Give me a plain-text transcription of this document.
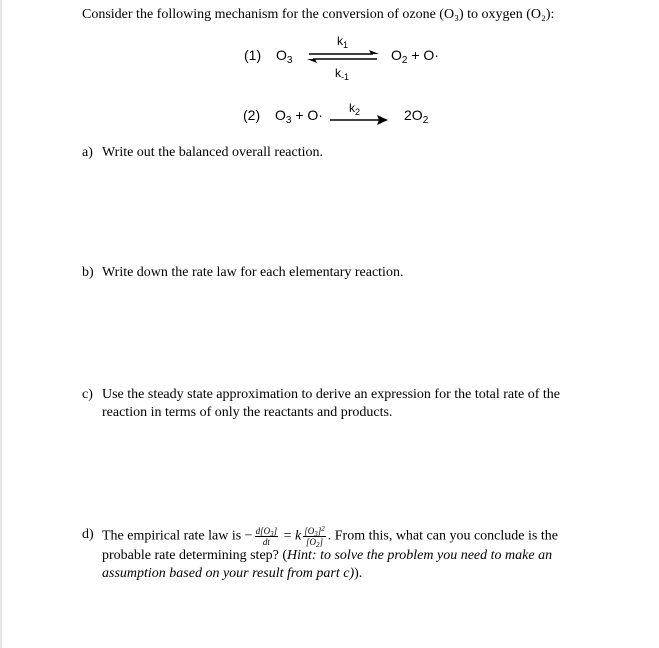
Consider the following mechanism for the conversion of ozone (O₃) to oxygen (O₂):
(1) $O_3$
$k_1$
$k_{-1}$
$O_2 + O\cdot$
(2) $O_3 + O\cdot k_2$	$2O_2$
a) Write out the balanced overall reaction.
b) Write down the rate law for each elementary reaction.
c) Use the steady state approximation to derive an expression for the total rate of the reaction in terms of only the reactants and products.
d) The empirical rate law is − $\frac{d[O_3]}{dt} = k \frac{[O_3]^2}{[O_2]}$ . From this, what can you conclude is the probable rate determining step? (Hint: to solve the problem you need to make an assumption based on your result from part c)).
